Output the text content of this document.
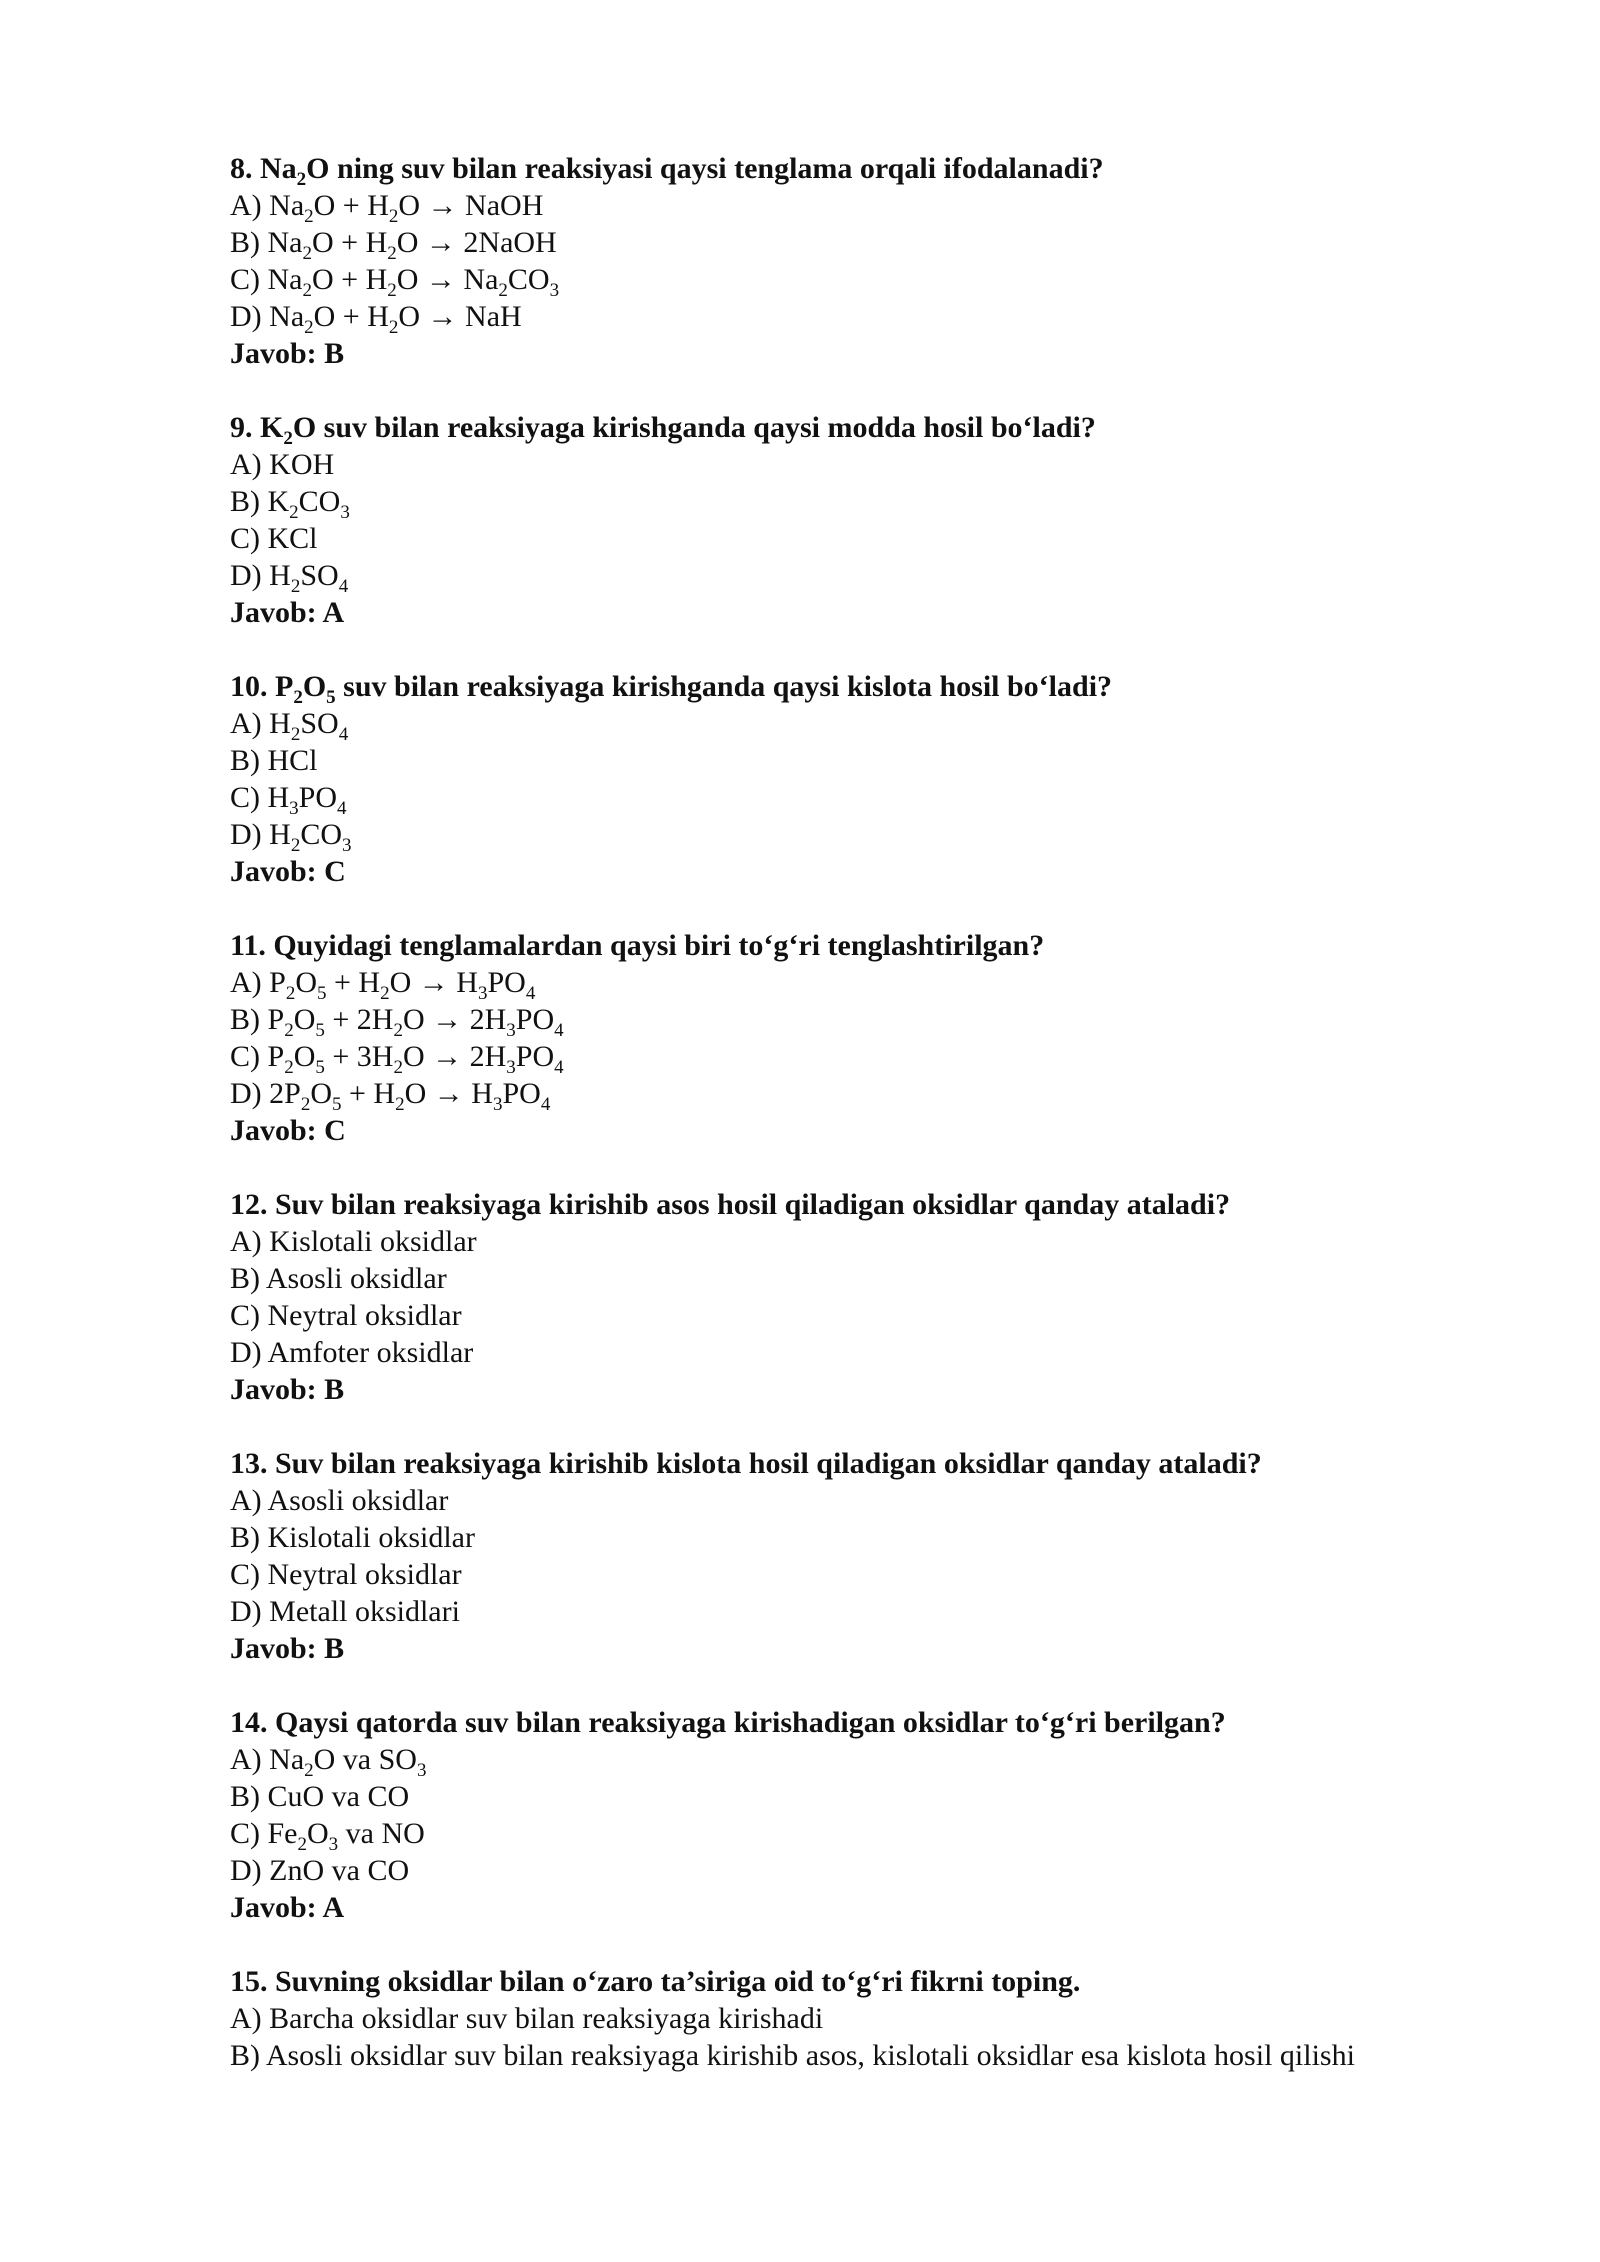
8. $Na_2O$ ning suv bilan reaksiyasi qaysi tenglama orqali ifodalanadi?
A) $Na_2O + H_2O$ → NaOH
B) $Na_2O + H_2O$ → 2NaOH
C) $Na_2O + H_2O \to Na_2CO_3$
D) $Na_2O + H_2O$ → NaH
Javob: B
9. $K_2O$ suv bilan reaksiyaga kirishganda qaysi modda hosil bo‘ladi?
A) KOH
B) $K_2CO_3$
C) KCl
D) $H_2SO_4$
Javob: A
10. $P_2O_5$ suv bilan reaksiyaga kirishganda qaysi kislota hosil bo‘ladi?
A) $H_2SO_4$
B) HCl
C) $H_3PO_4$
D) $H_2CO_3$
Javob: C
11. Quyidagi tenglamalardan qaysi biri to‘g‘ri tenglashtirilgan?
A) $P_2O_5 + H_2O \to H_3PO_4$
B) $P_2O_5 + 2H_2O \to 2H_3PO_4$
C) $P_2O_5 + 3H_2O \to 2H_3PO_4$
D) $2P_2O_5 + H_2O \to H_3PO_4$
Javob: C
12. Suv bilan reaksiyaga kirishib asos hosil qiladigan oksidlar qanday ataladi?
A) Kislotali oksidlar
B) Asosli oksidlar
C) Neytral oksidlar
D) Amfoter oksidlar
Javob: B
13. Suv bilan reaksiyaga kirishib kislota hosil qiladigan oksidlar qanday ataladi?
A) Asosli oksidlar
B) Kislotali oksidlar
C) Neytral oksidlar
D) Metall oksidlari
Javob: B
14. Qaysi qatorda suv bilan reaksiyaga kirishadigan oksidlar to‘g‘ri berilgan?
A) $Na_2O$ va $SO_3$
B) CuO va CO
C) $Fe_2O_3$ va NO
D) ZnO va CO
Javob: A
15. Suvning oksidlar bilan o‘zaro ta’siriga oid to‘g‘ri fikrni toping.
A) Barcha oksidlar suv bilan reaksiyaga kirishadi
B) Asosli oksidlar suv bilan reaksiyaga kirishib asos, kislotali oksidlar esa kislota hosil qilishi
